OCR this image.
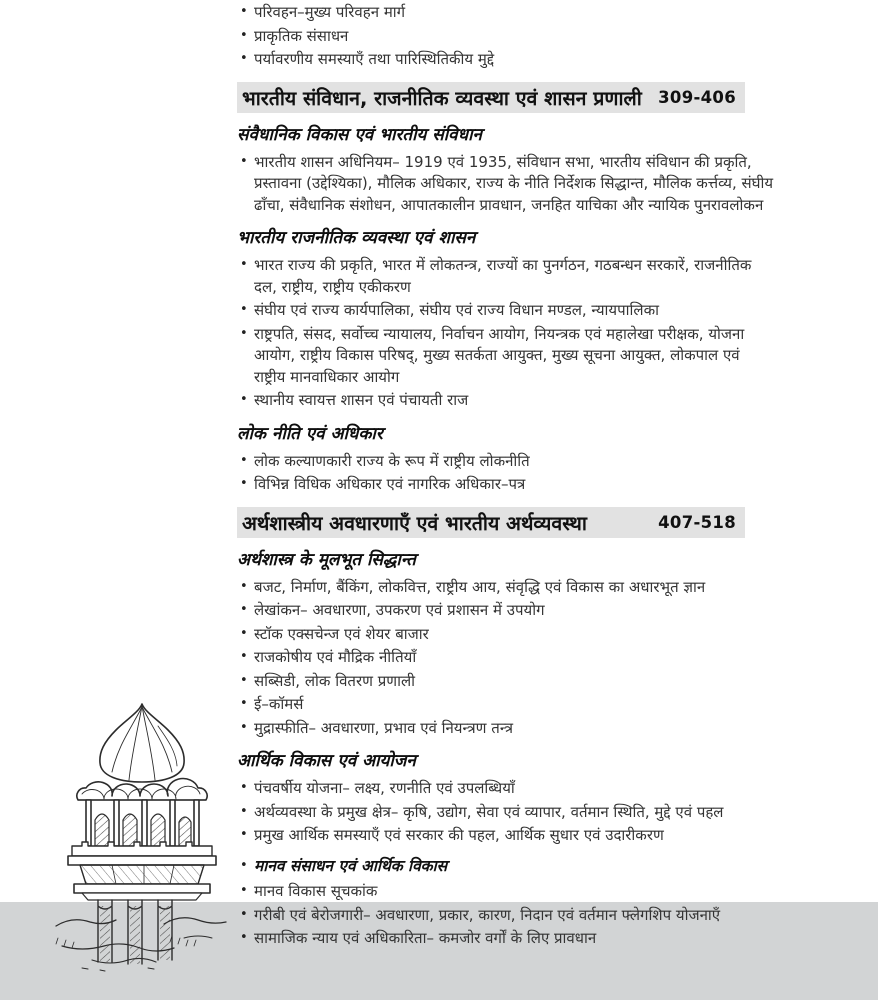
• परिवहन–मुख्य परिवहन मार्ग
• प्राकृतिक संसाधन
• पर्यावरणीय समस्याएँ तथा पारिस्थितिकीय मुद्दे
भारतीय संविधान, राजनीतिक व्यवस्था एवं शासन प्रणाली 309-406
संवैधानिक विकास एवं भारतीय संविधान
• भारतीय शासन अधिनियम– 1919 एवं 1935, संविधान सभा, भारतीय संविधान की प्रकृति, प्रस्तावना (उद्देश्यिका), मौलिक अधिकार, राज्य के नीति निर्देशक सिद्धान्त, मौलिक कर्त्तव्य, संघीय ढाँचा, संवैधानिक संशोधन, आपातकालीन प्रावधान, जनहित याचिका और न्यायिक पुनरावलोकन
भारतीय राजनीतिक व्यवस्था एवं शासन
• भारत राज्य की प्रकृति, भारत में लोकतन्त्र, राज्यों का पुनर्गठन, गठबन्धन सरकारें, राजनीतिक दल, राष्ट्रीय, राष्ट्रीय एकीकरण
• संघीय एवं राज्य कार्यपालिका, संघीय एवं राज्य विधान मण्डल, न्यायपालिका
• राष्ट्रपति, संसद, सर्वोच्च न्यायालय, निर्वाचन आयोग, नियन्त्रक एवं महालेखा परीक्षक, योजना आयोग, राष्ट्रीय विकास परिषद्, मुख्य सतर्कता आयुक्त, मुख्य सूचना आयुक्त, लोकपाल एवं राष्ट्रीय मानवाधिकार आयोग
• स्थानीय स्वायत्त शासन एवं पंचायती राज
लोक नीति एवं अधिकार
• लोक कल्याणकारी राज्य के रूप में राष्ट्रीय लोकनीति
• विभिन्न विधिक अधिकार एवं नागरिक अधिकार–पत्र
अर्थशास्त्रीय अवधारणाएँ एवं भारतीय अर्थव्यवस्था	407-518
अर्थशास्त्र के मूलभूत सिद्धान्त
• बजट, निर्माण, बैंकिंग, लोकवित्त, राष्ट्रीय आय, संवृद्धि एवं विकास का अधारभूत ज्ञान
• लेखांकन– अवधारणा, उपकरण एवं प्रशासन में उपयोग
• स्टॉक एक्सचेन्ज एवं शेयर बाजार
• राजकोषीय एवं मौद्रिक नीतियाँ
• सब्सिडी, लोक वितरण प्रणाली
• ई–कॉमर्स
• मुद्रास्फीति– अवधारणा, प्रभाव एवं नियन्त्रण तन्त्र
आर्थिक विकास एवं आयोजन
• पंचवर्षीय योजना– लक्ष्य, रणनीति एवं उपलब्धियाँ
• अर्थव्यवस्था के प्रमुख क्षेत्र– कृषि, उद्योग, सेवा एवं व्यापार, वर्तमान स्थिति, मुद्दे एवं पहल
• प्रमुख आर्थिक समस्याएँ एवं सरकार की पहल, आर्थिक सुधार एवं उदारीकरण
• मानव संसाधन एवं आर्थिक विकास
• मानव विकास सूचकांक
• गरीबी एवं बेरोजगारी– अवधारणा, प्रकार, कारण, निदान एवं वर्तमान फ्लेगशिप योजनाएँ
• सामाजिक न्याय एवं अधिकारिता– कमजोर वर्गों के लिए प्रावधान
